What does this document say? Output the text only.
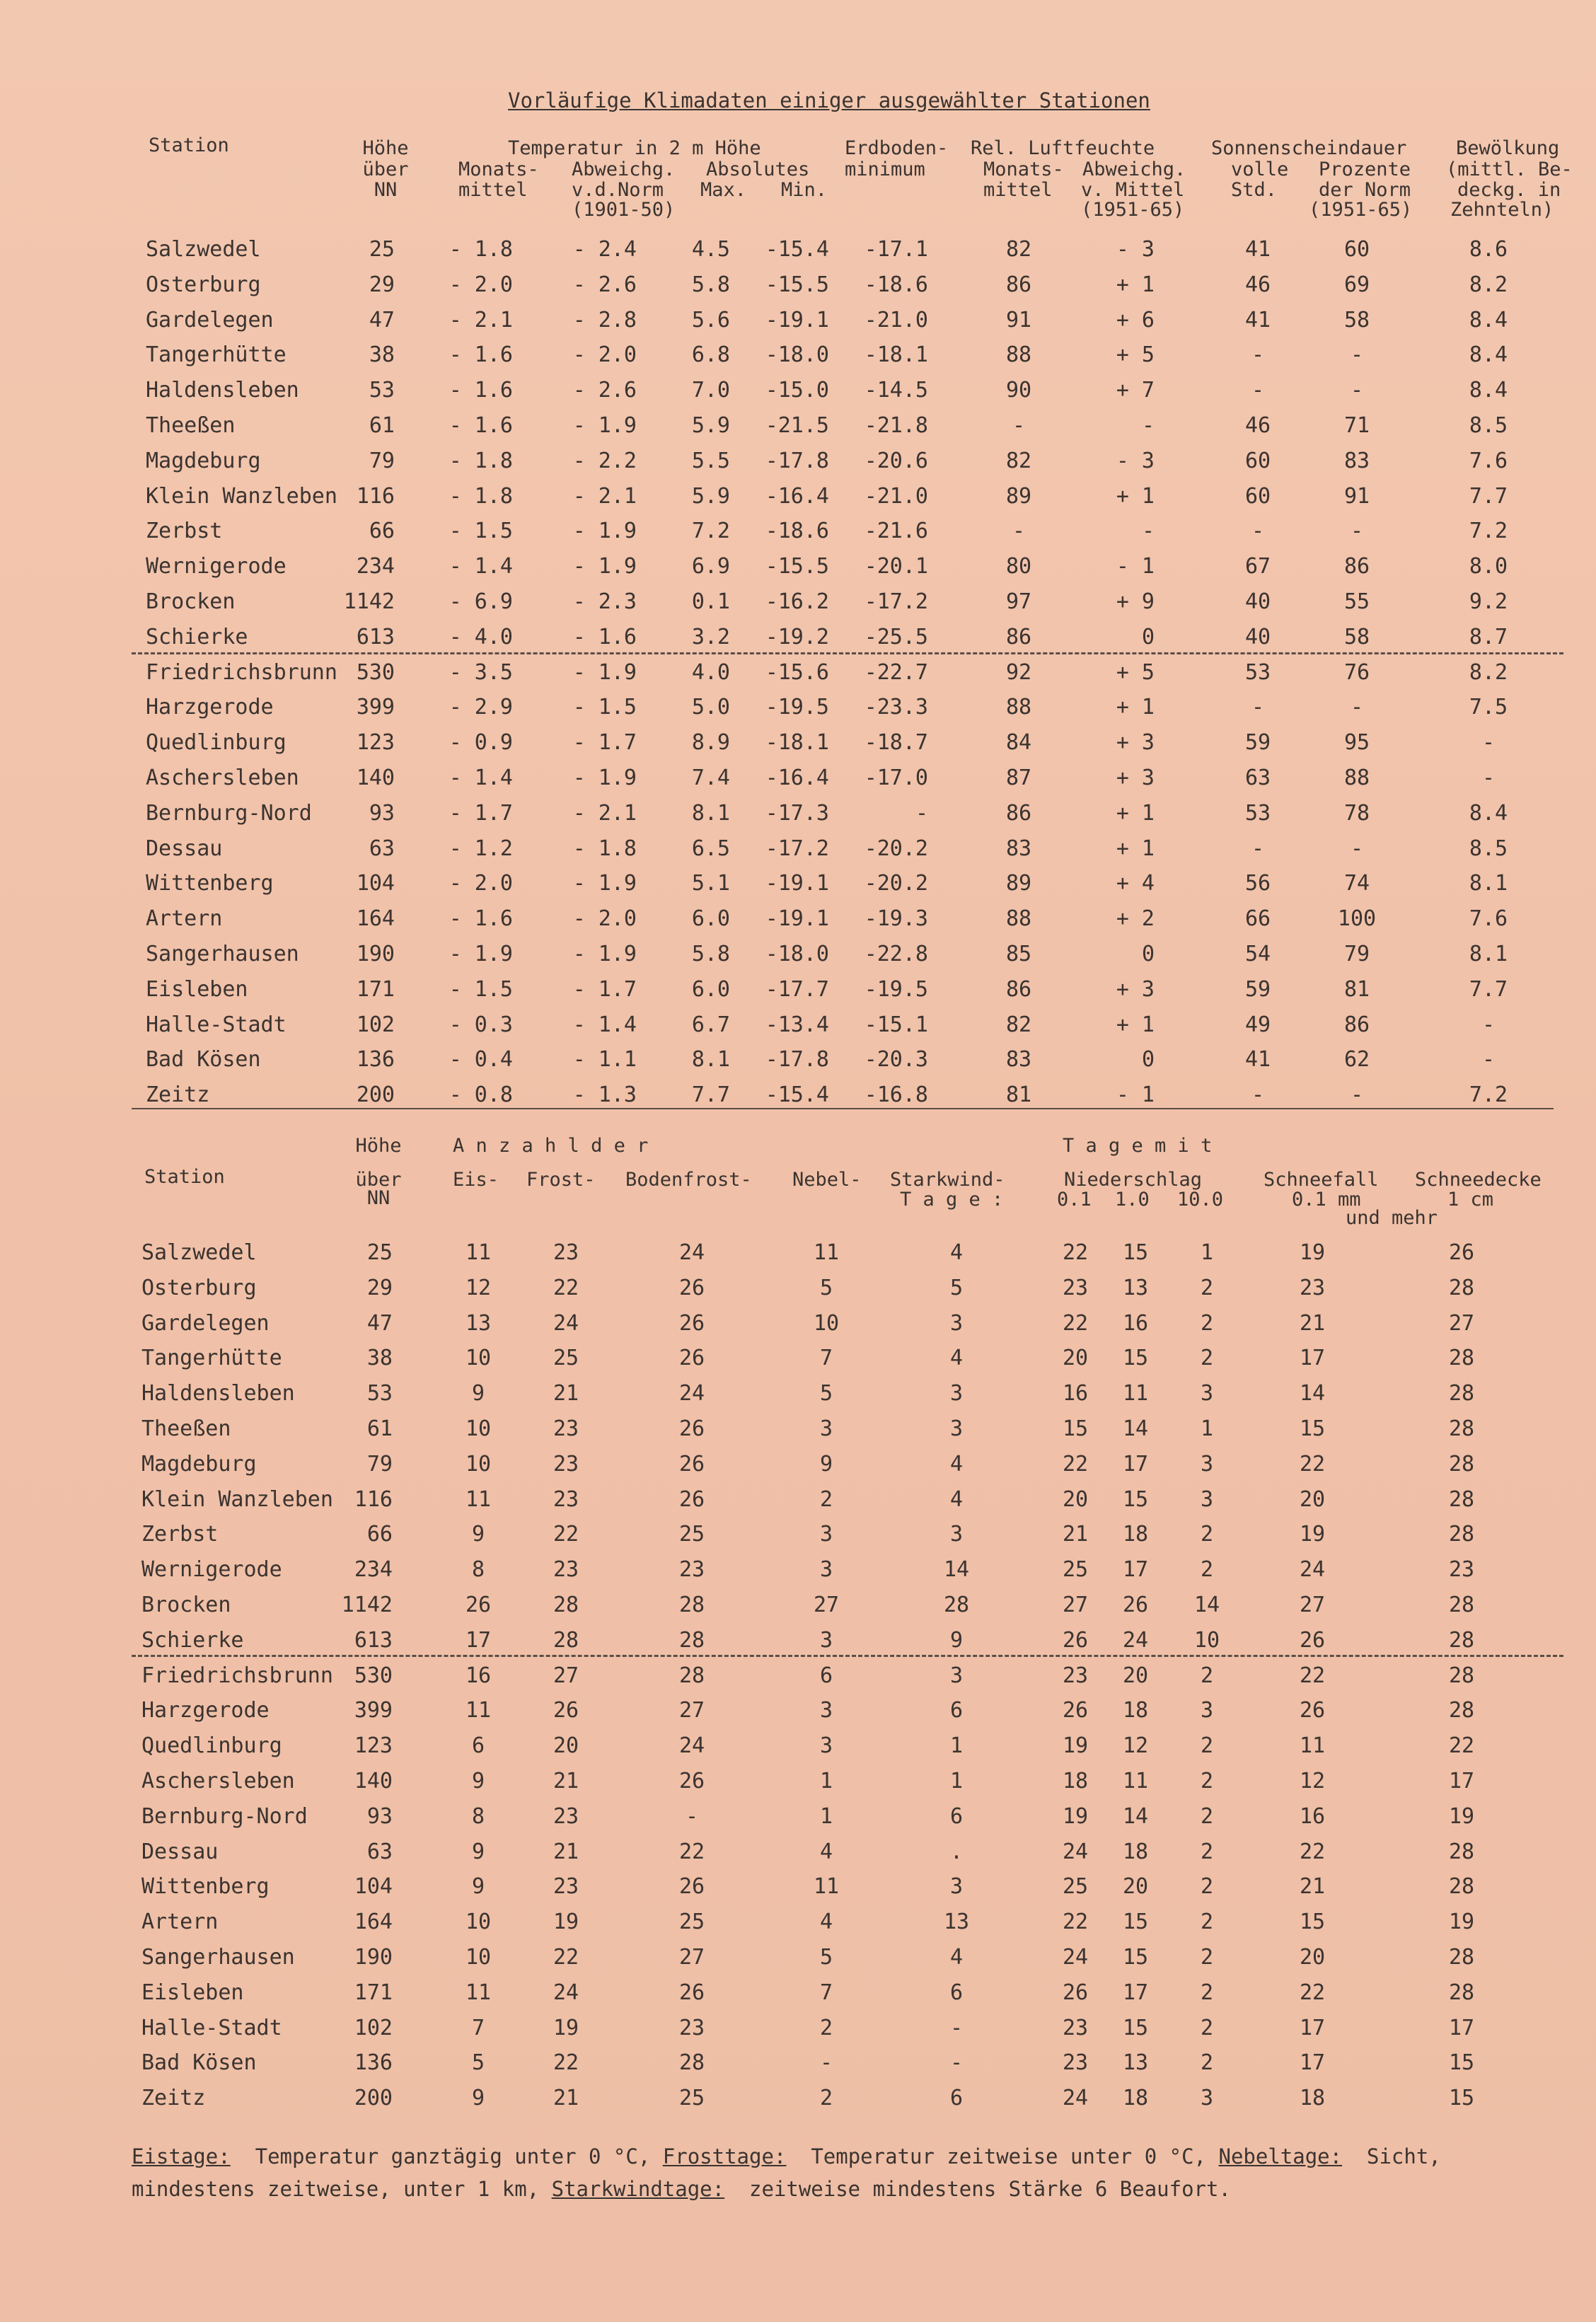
Vorläufige Klimadaten einiger ausgewählter Stationen
Station	Höhe
über
NN
Temperatur in 2 m Höhe
Monats-
mittel
Abweichg.
v.d.Norm
(1901-50)
Absolutes
Max. Min.
Erdboden-
minimum
Rel. Luftfeuchte
Monats-
mittel
Abweichg.
v. Mittel
(1951-65)
Sonnenscheindauer
volle
Std.
Prozente
der Norm
(1951-65)
Bewölkung
(mittl. Be-
deckg. in
Zehnteln)
Salzwedel	25	- 1.8	- 2.4	4.5	-15.4	-17.1	82	- 3	41	60	8.6
Osterburg	29	- 2.0	- 2.6	5.8	-15.5	-18.6	86	+ 1	46	69	8.2
Gardelegen	47	- 2.1	- 2.8	5.6	-19.1	-21.0	91	+ 6	41	58	8.4
Tangerhütte	38	- 1.6	- 2.0	6.8	-18.0	-18.1	88	+ 5	-	-	8.4
Haldensleben	53	- 1.6	- 2.6	7.0	-15.0	-14.5	90	+ 7	-	-	8.4
Theeßen	61	- 1.6	- 1.9	5.9	-21.5	-21.8	-	-	46	71	8.5
Magdeburg	79	- 1.8	- 2.2	5.5	-17.8	-20.6	82	- 3	60	83	7.6
Klein Wanzleben 116	- 1.8	- 2.1	5.9	-16.4	-21.0	89	+ 1	60	91	7.7
Zerbst	66	- 1.5	- 1.9	7.2	-18.6	-21.6	-	-	-	-	7.2
Wernigerode	234	- 1.4	- 1.9	6.9	-15.5	-20.1	80	- 1	67	86	8.0
Brocken	1142	- 6.9	- 2.3	0.1	-16.2	-17.2	97	+ 9	40	55	9.2
Schierke	613	- 4.0	- 1.6	3.2	-19.2	-25.5	86	0	40	58	8.7
Friedrichsbrunn 530	- 3.5	- 1.9	4.0	-15.6	-22.7	92	+ 5	53	76	8.2
Harzgerode	399	- 2.9	- 1.5	5.0	-19.5	-23.3	88	+ 1	-	-	7.5
Quedlinburg	123	- 0.9	- 1.7	8.9	-18.1	-18.7	84	+ 3	59	95	-
Aschersleben	140	- 1.4	- 1.9	7.4	-16.4	-17.0	87	+ 3	63	88	-
Bernburg-Nord	93	- 1.7	- 2.1	8.1	-17.3	-	86	+ 1	53	78	8.4
Dessau	63	- 1.2	- 1.8	6.5	-17.2	-20.2	83	+ 1	-	-	8.5
Wittenberg	104	- 2.0	- 1.9	5.1	-19.1	-20.2	89	+ 4	56	74	8.1
Artern	164	- 1.6	- 2.0	6.0	-19.1	-19.3	88	+ 2	66	100	7.6
Sangerhausen	190	- 1.9	- 1.9	5.8	-18.0	-22.8	85	0	54	79	8.1
Eisleben	171	- 1.5	- 1.7	6.0	-17.7	-19.5	86	+ 3	59	81	7.7
Halle-Stadt	102	- 0.3	- 1.4	6.7	-13.4	-15.1	82	+ 1	49	86	-
Bad Kösen	136	- 0.4	- 1.1	8.1	-17.8	-20.3	83	0	41	62	-
Zeitz	200	- 0.8	- 1.3	7.7	-15.4	-16.8	81	- 1	-	-	7.2
Höhe
Station	über
NN
A n z a h l d e r
Eis- Frost- Bodenfrost- Nebel- Starkwind-
T a g e :
T a g e m i t
Niederschlag
0.1 1.0 10.0
Schneefall
0.1 mm
Schneedecke
1 cm
und mehr
Salzwedel	25	11	23	24	11	4	22	15	1	19	26
Osterburg	29	12	22	26	5	5	23	13	2	23	28
Gardelegen	47	13	24	26	10	3	22	16	2	21	27
Tangerhütte	38	10	25	26	7	4	20	15	2	17	28
Haldensleben	53	9	21	24	5	3	16	11	3	14	28
Theeßen	61	10	23	26	3	3	15	14	1	15	28
Magdeburg	79	10	23	26	9	4	22	17	3	22	28
Klein Wanzleben 116	11	23	26	2	4	20	15	3	20	28
Zerbst	66	9	22	25	3	3	21	18	2	19	28
Wernigerode	234	8	23	23	3	14	25	17	2	24	23
Brocken	1142	26	28	28	27	28	27	26	14	27	28
Schierke	613	17	28	28	3	9	26	24	10	26	28
Friedrichsbrunn 530	16	27	28	6	3	23	20	2	22	28
Harzgerode	399	11	26	27	3	6	26	18	3	26	28
Quedlinburg	123	6	20	24	3	1	19	12	2	11	22
Aschersleben	140	9	21	26	1	1	18	11	2	12	17
Bernburg-Nord	93	8	23	-	1	6	19	14	2	16	19
Dessau	63	9	21	22	4	.	24	18	2	22	28
Wittenberg	104	9	23	26	11	3	25	20	2	21	28
Artern	164	10	19	25	4	13	22	15	2	15	19
Sangerhausen	190	10	22	27	5	4	24	15	2	20	28
Eisleben	171	11	24	26	7	6	26	17	2	22	28
Halle-Stadt	102	7	19	23	2	-	23	15	2	17	17
Bad Kösen	136	5	22	28	-	-	23	13	2	17	15
Zeitz	200	9	21	25	2	6	24	18	3	18	15
Eistage: Temperatur ganztägig unter 0 °C, Frosttage: Temperatur zeitweise unter 0 °C, Nebeltage: Sicht,
mindestens zeitweise, unter 1 km, Starkwindtage: zeitweise mindestens Stärke 6 Beaufort.
